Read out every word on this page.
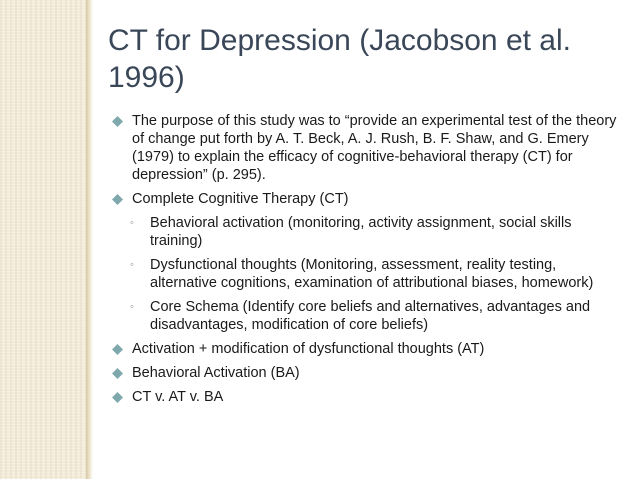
CT for Depression (Jacobson et al. 1996)
The purpose of this study was to “provide an experimental test of the theory of change put forth by A. T. Beck, A. J. Rush, B. F. Shaw, and G. Emery (1979) to explain the efficacy of cognitive-behavioral therapy (CT) for depression” (p. 295).
Complete Cognitive Therapy (CT)
◦ Behavioral activation (monitoring, activity assignment, social skills training)
◦ Dysfunctional thoughts (Monitoring, assessment, reality testing, alternative cognitions, examination of attributional biases, homework)
◦ Core Schema (Identify core beliefs and alternatives, advantages and disadvantages, modification of core beliefs)
Activation + modification of dysfunctional thoughts (AT)
Behavioral Activation (BA)
CT v. AT v. BA
